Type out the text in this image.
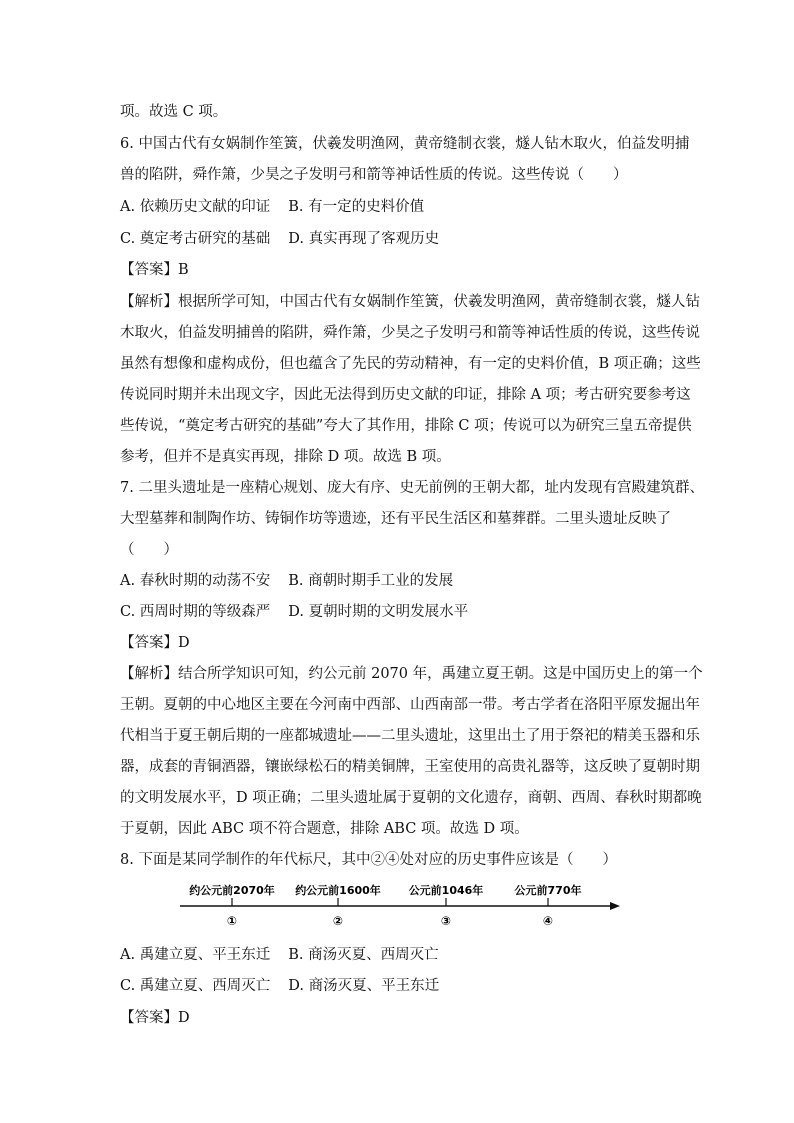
项。故选 C 项。
6. 中国古代有女娲制作笙簧，伏羲发明渔网，黄帝缝制衣裳，燧人钻木取火，伯益发明捕
兽的陷阱，舜作箫，少昊之子发明弓和箭等神话性质的传说。这些传说（　　）
A. 依赖历史文献的印证 B. 有一定的史料价值
C. 奠定考古研究的基础 D. 真实再现了客观历史
【答案】B
【解析】根据所学可知，中国古代有女娲制作笙簧，伏羲发明渔网，黄帝缝制衣裳，燧人钻
木取火，伯益发明捕兽的陷阱，舜作箫，少昊之子发明弓和箭等神话性质的传说，这些传说
虽然有想像和虚构成份，但也蕴含了先民的劳动精神，有一定的史料价值，B 项正确；这些
传说同时期并未出现文字，因此无法得到历史文献的印证，排除 A 项；考古研究要参考这
些传说，“奠定考古研究的基础”夸大了其作用，排除 C 项；传说可以为研究三皇五帝提供
参考，但并不是真实再现，排除 D 项。故选 B 项。
7. 二里头遗址是一座精心规划、庞大有序、史无前例的王朝大都，址内发现有宫殿建筑群、
大型墓葬和制陶作坊、铸铜作坊等遗迹，还有平民生活区和墓葬群。二里头遗址反映了
（　　）
A. 春秋时期的动荡不安 B. 商朝时期手工业的发展
C. 西周时期的等级森严 D. 夏朝时期的文明发展水平
【答案】D
【解析】结合所学知识可知，约公元前 2070 年，禹建立夏王朝。这是中国历史上的第一个
王朝。夏朝的中心地区主要在今河南中西部、山西南部一带。考古学者在洛阳平原发掘出年
代相当于夏王朝后期的一座都城遗址——二里头遗址，这里出土了用于祭祀的精美玉器和乐
器，成套的青铜酒器，镶嵌绿松石的精美铜牌，王室使用的高贵礼器等，这反映了夏朝时期
的文明发展水平，D 项正确；二里头遗址属于夏朝的文化遗存，商朝、西周、春秋时期都晚
于夏朝，因此 ABC 项不符合题意，排除 ABC 项。故选 D 项。
8. 下面是某同学制作的年代标尺，其中②④处对应的历史事件应该是（　　）
约公元前2070年 约公元前1600年	公元前1046年	公元前770年
①	②	③	④
A. 禹建立夏、平王东迁 B. 商汤灭夏、西周灭亡
C. 禹建立夏、西周灭亡 D. 商汤灭夏、平王东迁
【答案】D
